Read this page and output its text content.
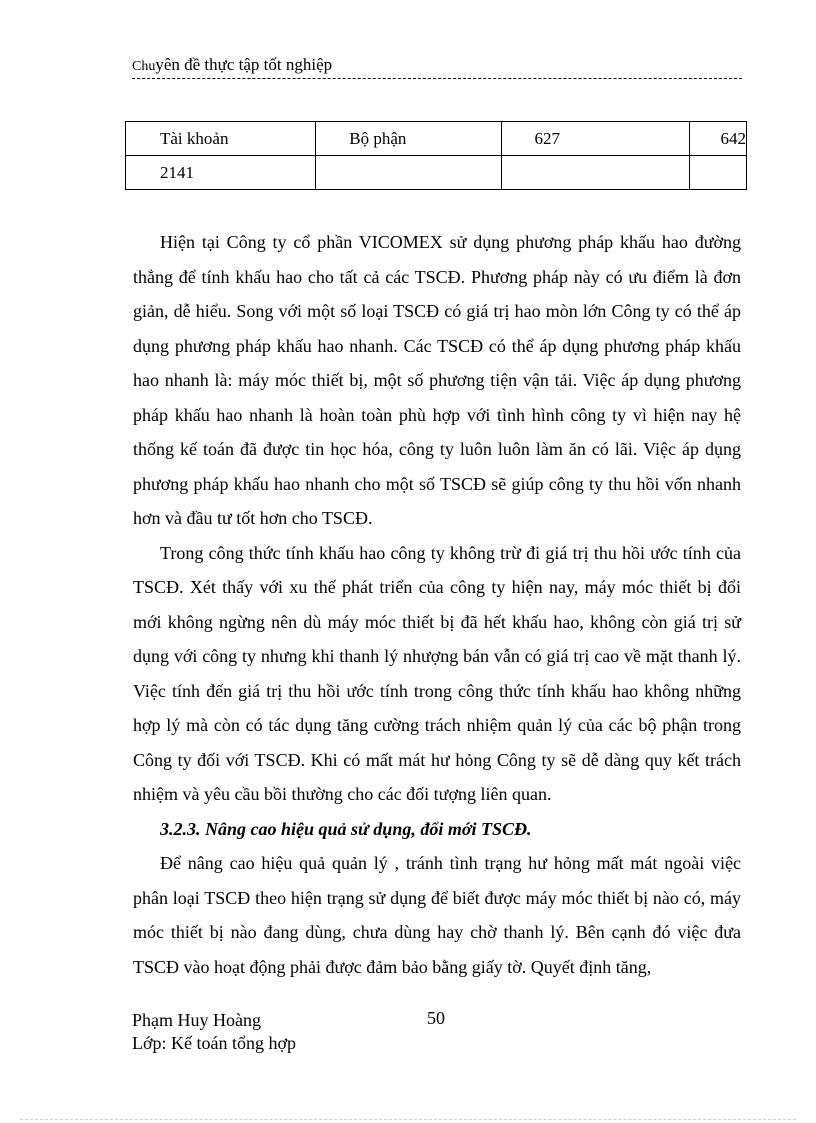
Chuyên đề thực tập tốt nghiệp
Tài khoản	Bộ phận	627	642
2141			

Hiện tại Công ty cổ phần VICOMEX sử dụng phương pháp khấu hao đường thẳng để tính khấu hao cho tất cả các TSCĐ. Phương pháp này có ưu điểm là đơn giản, dễ hiểu. Song với một số loại TSCĐ có giá trị hao mòn lớn Công ty có thể áp dụng phương pháp khấu hao nhanh. Các TSCĐ có thể áp dụng phương pháp khấu hao nhanh là: máy móc thiết bị, một số phương tiện vận tải. Việc áp dụng phương pháp khấu hao nhanh là hoàn toàn phù hợp với tình hình công ty vì hiện nay hệ thống kế toán đã được tin học hóa, công ty luôn luôn làm ăn có lãi. Việc áp dụng phương pháp khấu hao nhanh cho một số TSCĐ sẽ giúp công ty thu hồi vốn nhanh hơn và đầu tư tốt hơn cho TSCĐ.

Trong công thức tính khấu hao công ty không trừ đi giá trị thu hồi ước tính của TSCĐ. Xét thấy với xu thế phát triển của công ty hiện nay, máy móc thiết bị đổi mới không ngừng nên dù máy móc thiết bị đã hết khấu hao, không còn giá trị sử dụng với công ty nhưng khi thanh lý nhượng bán vẫn có giá trị cao về mặt thanh lý. Việc tính đến giá trị thu hồi ước tính trong công thức tính khấu hao không những hợp lý mà còn có tác dụng tăng cường trách nhiệm quản lý của các bộ phận trong Công ty đối với TSCĐ. Khi có mất mát hư hỏng Công ty sẽ dễ dàng quy kết trách nhiệm và yêu cầu bồi thường cho các đối tượng liên quan.

3.2.3. Nâng cao hiệu quả sử dụng, đổi mới TSCĐ.

Để nâng cao hiệu quả quản lý , tránh tình trạng hư hỏng mất mát ngoài việc phân loại TSCĐ theo hiện trạng sử dụng để biết được máy móc thiết bị nào có, máy móc thiết bị nào đang dùng, chưa dùng hay chờ thanh lý. Bên cạnh đó việc đưa TSCĐ vào hoạt động phải được đảm bảo bằng giấy tờ. Quyết định tăng,

Phạm Huy Hoàng	50
Lớp: Kế toán tổng hợp
